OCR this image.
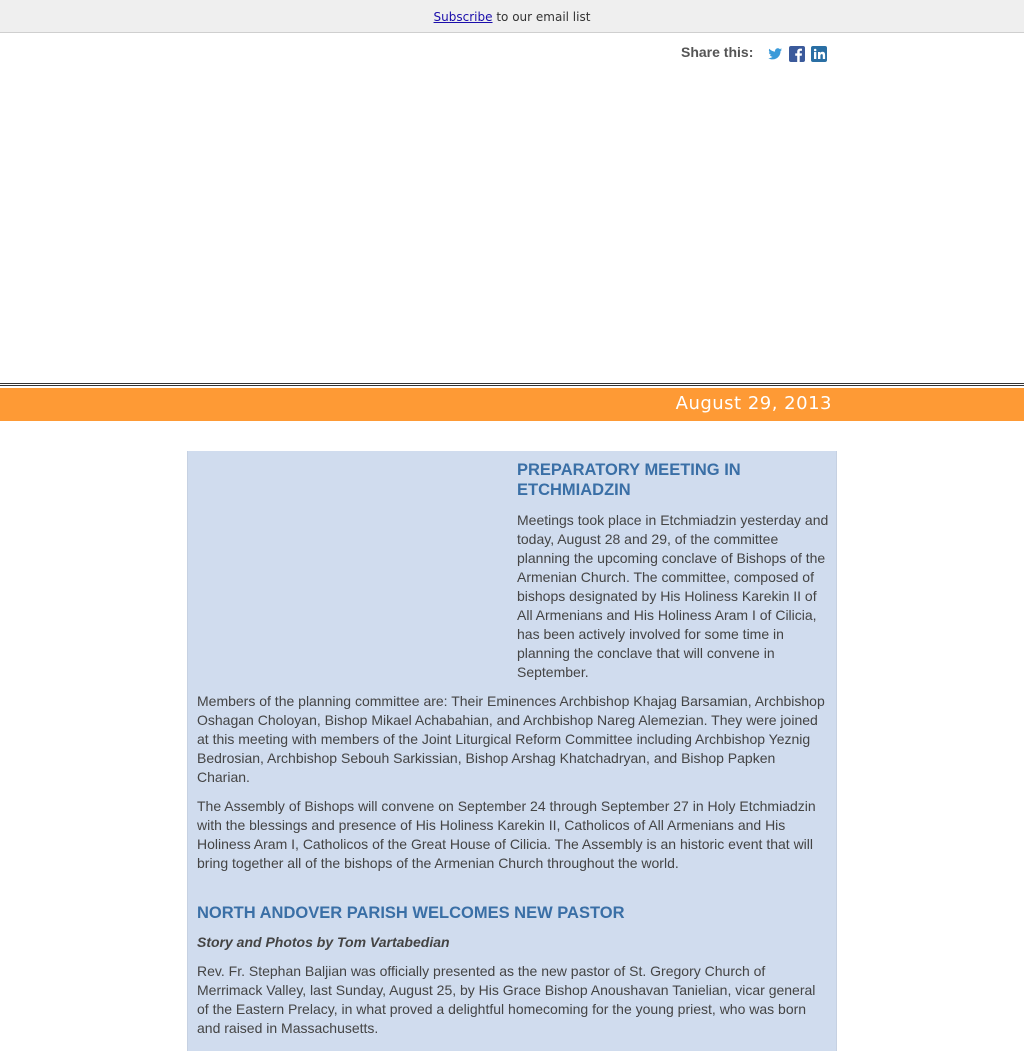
Subscribe to our email list
Share this:
August 29, 2013
PREPARATORY MEETING IN ETCHMIADZIN
Meetings took place in Etchmiadzin yesterday and today, August 28 and 29, of the committee planning the upcoming conclave of Bishops of the Armenian Church. The committee, composed of bishops designated by His Holiness Karekin II of All Armenians and His Holiness Aram I of Cilicia, has been actively involved for some time in planning the conclave that will convene in September.
Members of the planning committee are: Their Eminences Archbishop Khajag Barsamian, Archbishop Oshagan Choloyan, Bishop Mikael Achabahian, and Archbishop Nareg Alemezian. They were joined at this meeting with members of the Joint Liturgical Reform Committee including Archbishop Yeznig Bedrosian, Archbishop Sebouh Sarkissian, Bishop Arshag Khatchadryan, and Bishop Papken Charian.
The Assembly of Bishops will convene on September 24 through September 27 in Holy Etchmiadzin with the blessings and presence of His Holiness Karekin II, Catholicos of All Armenians and His Holiness Aram I, Catholicos of the Great House of Cilicia. The Assembly is an historic event that will bring together all of the bishops of the Armenian Church throughout the world.
NORTH ANDOVER PARISH WELCOMES NEW PASTOR
Story and Photos by Tom Vartabedian
Rev. Fr. Stephan Baljian was officially presented as the new pastor of St. Gregory Church of Merrimack Valley, last Sunday, August 25, by His Grace Bishop Anoushavan Tanielian, vicar general of the Eastern Prelacy, in what proved a delightful homecoming for the young priest, who was born and raised in Massachusetts.
